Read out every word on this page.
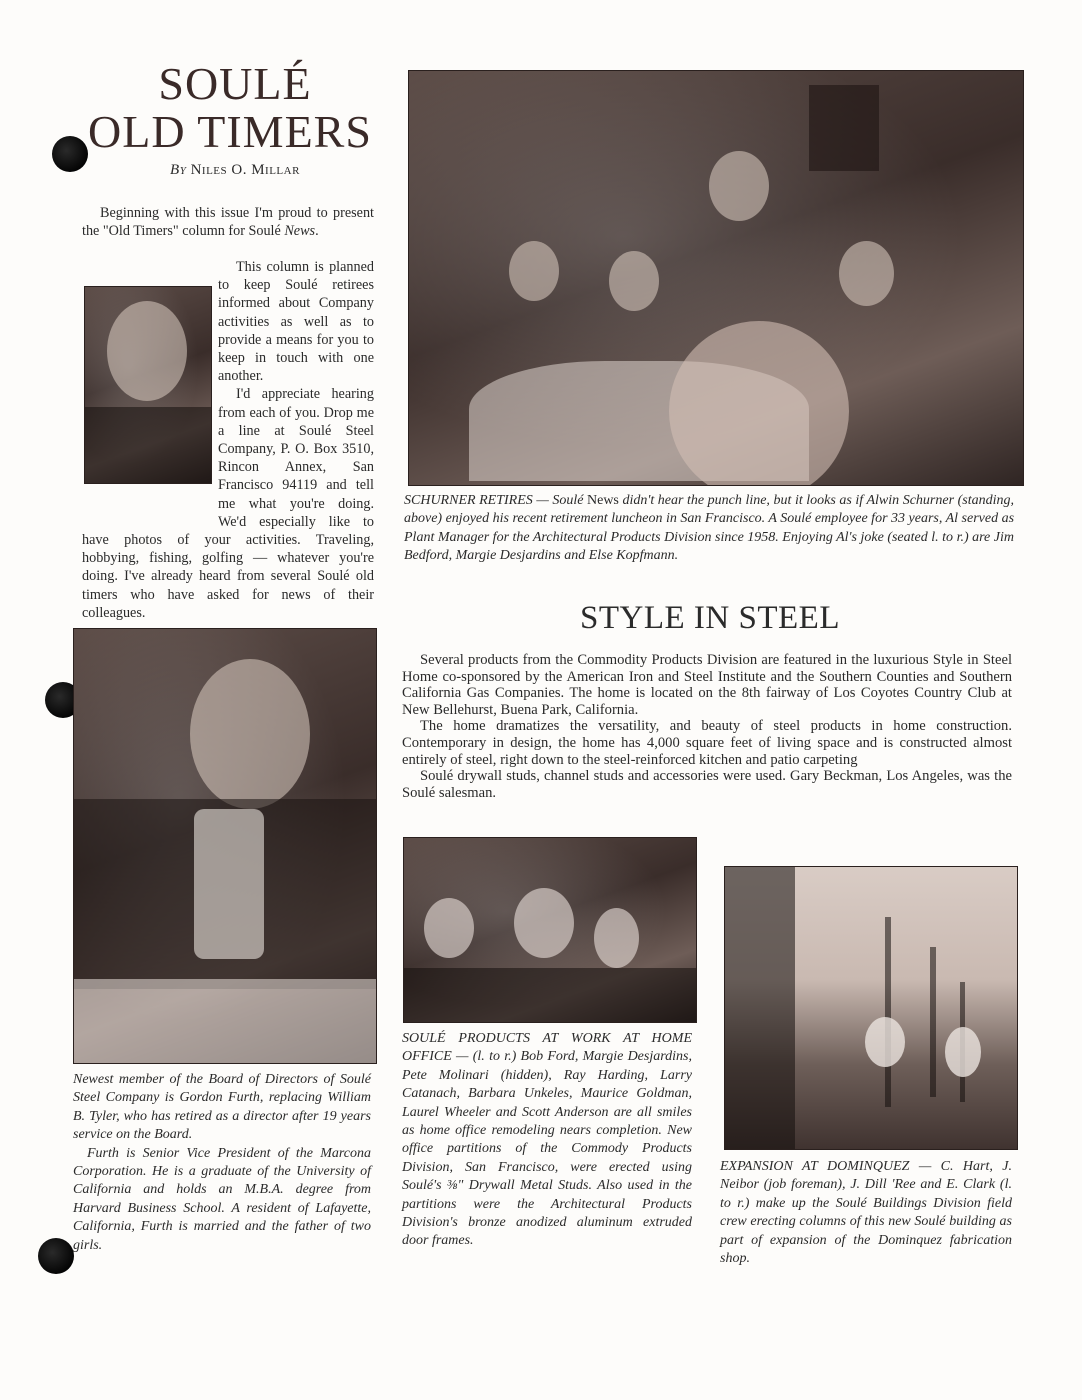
SOULÉ
OLD TIMERS
By Niles O. Millar

Beginning with this issue I'm proud to present the "Old Timers" column for Soulé News.

This column is planned to keep Soulé retirees informed about Company activities as well as to provide a means for you to keep in touch with one another.

I'd appreciate hearing from each of you. Drop me a line at Soulé Steel Company, P. O. Box 3510, Rincon Annex, San Francisco 94119 and tell me what you're doing. We'd especially like to have photos of your activities. Traveling, hobbying, fishing, golfing — whatever you're doing. I've already heard from several Soulé old timers who have asked for news of their colleagues.

SCHURNER RETIRES — Soulé News didn't hear the punch line, but it looks as if Alwin Schurner (standing, above) enjoyed his recent retirement luncheon in San Francisco. A Soulé employee for 33 years, Al served as Plant Manager for the Architectural Products Division since 1958. Enjoying Al's joke (seated l. to r.) are Jim Bedford, Margie Desjardins and Else Kopfmann.
STYLE IN STEEL

Several products from the Commodity Products Division are featured in the luxurious Style in Steel Home co-sponsored by the American Iron and Steel Institute and the Southern Counties and Southern California Gas Companies. The home is located on the 8th fairway of Los Coyotes Country Club at New Bellehurst, Buena Park, California.

The home dramatizes the versatility, and beauty of steel products in home construction. Contemporary in design, the home has 4,000 square feet of living space and is constructed almost entirely of steel, right down to the steel-reinforced kitchen and patio carpeting

Soulé drywall studs, channel studs and accessories were used. Gary Beckman, Los Angeles, was the Soulé salesman.

Newest member of the Board of Directors of Soulé Steel Company is Gordon Furth, replacing William B. Tyler, who has retired as a director after 19 years service on the Board.

Furth is Senior Vice President of the Marcona Corporation. He is a graduate of the University of California and holds an M.B.A. degree from Harvard Business School. A resident of Lafayette, California, Furth is married and the father of two girls.

SOULÉ PRODUCTS AT WORK AT HOME OFFICE — (l. to r.) Bob Ford, Margie Desjardins, Pete Molinari (hidden), Ray Harding, Larry Catanach, Barbara Unkeles, Maurice Goldman, Laurel Wheeler and Scott Anderson are all smiles as home office remodeling nears completion. New office partitions of the Commody Products Division, San Francisco, were erected using Soulé's ⅜" Drywall Metal Studs. Also used in the partitions were the Architectural Products Division's bronze anodized aluminum extruded door frames.
EXPANSION AT DOMINQUEZ — C. Hart, J. Neibor (job foreman), J. Dill 'Ree and E. Clark (l. to r.) make up the Soulé Buildings Division field crew erecting columns of this new Soulé building as part of expansion of the Dominquez fabrication shop.
